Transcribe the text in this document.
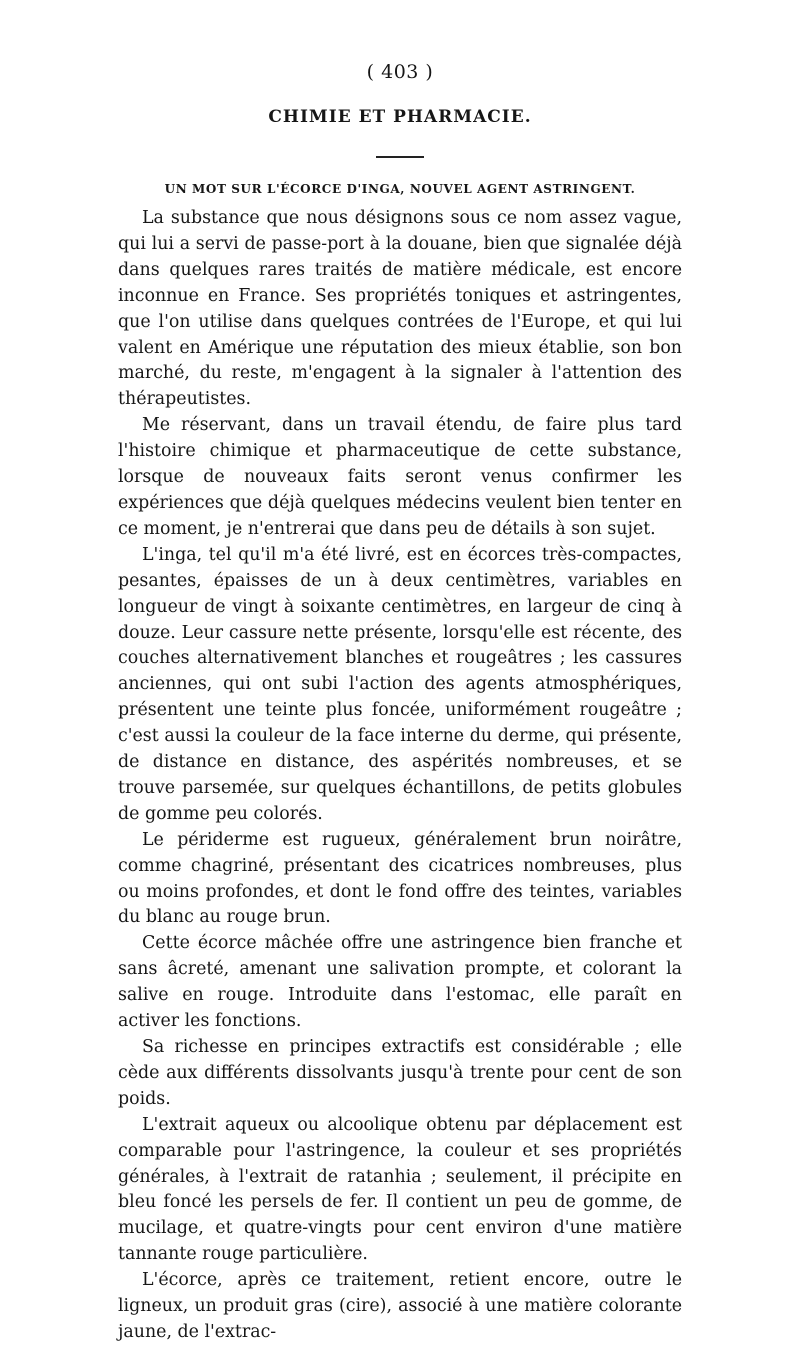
( 403 )
CHIMIE ET PHARMACIE.
UN MOT SUR L'ÉCORCE D'INGA, NOUVEL AGENT ASTRINGENT.

La substance que nous désignons sous ce nom assez vague, qui lui a servi de passe-port à la douane, bien que signalée déjà dans quelques rares traités de matière médicale, est encore inconnue en France. Ses propriétés toniques et astringentes, que l'on utilise dans quelques contrées de l'Europe, et qui lui valent en Amérique une réputation des mieux établie, son bon marché, du reste, m'engagent à la signaler à l'attention des thérapeutistes.

Me réservant, dans un travail étendu, de faire plus tard l'histoire chimique et pharmaceutique de cette substance, lorsque de nouveaux faits seront venus confirmer les expériences que déjà quelques médecins veulent bien tenter en ce moment, je n'entrerai que dans peu de détails à son sujet.

L'inga, tel qu'il m'a été livré, est en écorces très-compactes, pesantes, épaisses de un à deux centimètres, variables en longueur de vingt à soixante centimètres, en largeur de cinq à douze. Leur cassure nette présente, lorsqu'elle est récente, des couches alternativement blanches et rougeâtres ; les cassures anciennes, qui ont subi l'action des agents atmosphériques, présentent une teinte plus foncée, uniformément rougeâtre ; c'est aussi la couleur de la face interne du derme, qui présente, de distance en distance, des aspérités nombreuses, et se trouve parsemée, sur quelques échantillons, de petits globules de gomme peu colorés.

Le périderme est rugueux, généralement brun noirâtre, comme chagriné, présentant des cicatrices nombreuses, plus ou moins profondes, et dont le fond offre des teintes, variables du blanc au rouge brun.

Cette écorce mâchée offre une astringence bien franche et sans âcreté, amenant une salivation prompte, et colorant la salive en rouge. Introduite dans l'estomac, elle paraît en activer les fonctions.

Sa richesse en principes extractifs est considérable ; elle cède aux différents dissolvants jusqu'à trente pour cent de son poids.

L'extrait aqueux ou alcoolique obtenu par déplacement est comparable pour l'astringence, la couleur et ses propriétés générales, à l'extrait de ratanhia ; seulement, il précipite en bleu foncé les persels de fer. Il contient un peu de gomme, de mucilage, et quatre-vingts pour cent environ d'une matière tannante rouge particulière.

L'écorce, après ce traitement, retient encore, outre le ligneux, un produit gras (cire), associé à une matière colorante jaune, de l'extrac-
